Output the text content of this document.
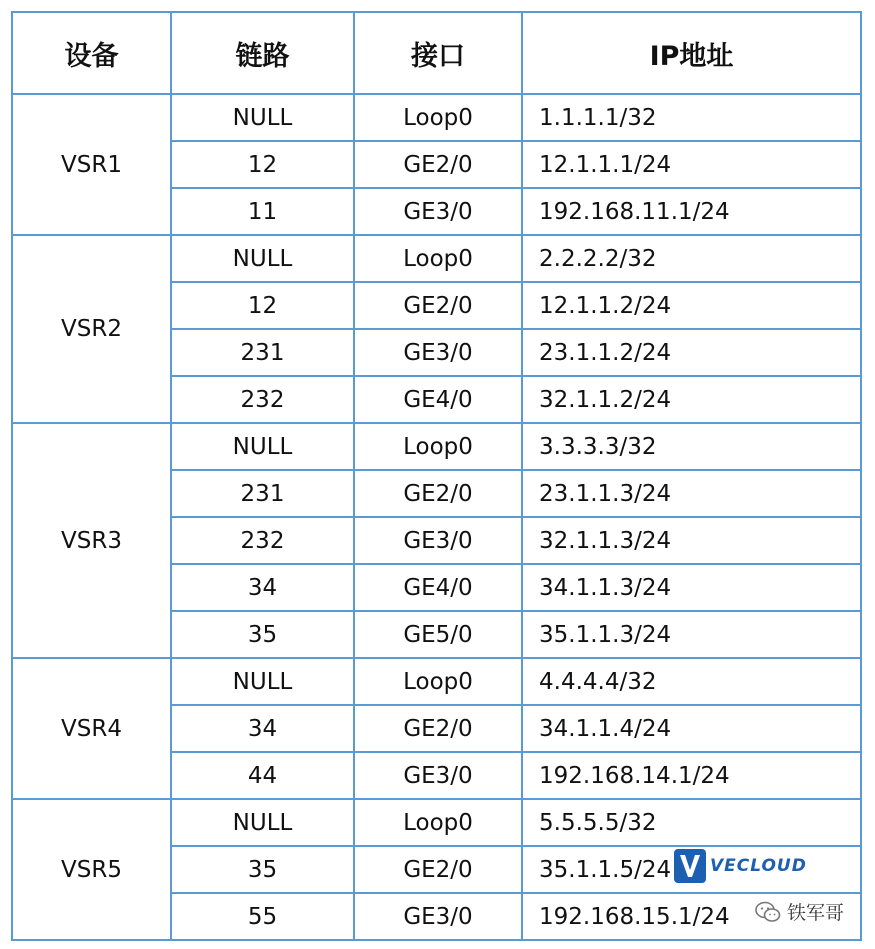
设备	链路	接口	IP地址
VSR1	NULL	Loop0	1.1.1.1/32
	12	GE2/0	12.1.1.1/24
	11	GE3/0	192.168.11.1/24
VSR2	NULL	Loop0	2.2.2.2/32
	12	GE2/0	12.1.1.2/24
	231	GE3/0	23.1.1.2/24
	232	GE4/0	32.1.1.2/24
VSR3	NULL	Loop0	3.3.3.3/32
	231	GE2/0	23.1.1.3/24
	232	GE3/0	32.1.1.3/24
	34	GE4/0	34.1.1.3/24
	35	GE5/0	35.1.1.3/24
VSR4	NULL	Loop0	4.4.4.4/32
	34	GE2/0	34.1.1.4/24
	44	GE3/0	192.168.14.1/24
VSR5	NULL	Loop0	5.5.5.5/32
	35	GE2/0	35.1.1.5/24
	55	GE3/0	192.168.15.1/24
VECLOUD
铁军哥
